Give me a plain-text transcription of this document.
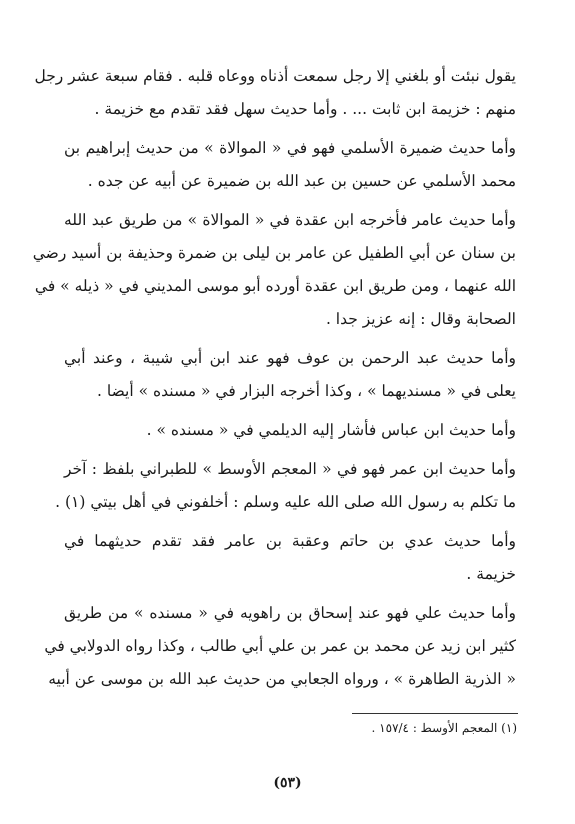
يقول نبئت أو بلغني إلا رجل سمعت أذناه ووعاه قلبه . فقام سبعة عشر رجل
منهم : خزيمة ابن ثابت ... . وأما حديث سهل فقد تقدم مع خزيمة .
وأما حديث ضميرة الأسلمي فهو في « الموالاة » من حديث إبراهيم بن
محمد الأسلمي عن حسين بن عبد الله بن ضميرة عن أبيه عن جده .
وأما حديث عامر فأخرجه ابن عقدة في « الموالاة » من طريق عبد الله
بن سنان عن أبي الطفيل عن عامر بن ليلى بن ضمرة وحذيفة بن أسيد رضي
الله عنهما ، ومن طريق ابن عقدة أورده أبو موسى المديني في « ذيله » في
الصحابة وقال : إنه عزيز جدا .
وأما حديث عبد الرحمن بن عوف فهو عند ابن أبي شيبة ، وعند أبي
يعلى في « مسنديهما » ، وكذا أخرجه البزار في « مسنده » أيضا .
وأما حديث ابن عباس فأشار إليه الديلمي في « مسنده » .
وأما حديث ابن عمر فهو في « المعجم الأوسط » للطبراني بلفظ : آخر
ما تكلم به رسول الله صلى الله عليه وسلم : أخلفوني في أهل بيتي (١) .
وأما حديث عدي بن حاتم وعقبة بن عامر فقد تقدم حديثهما في
خزيمة .
وأما حديث علي فهو عند إسحاق بن راهويه في « مسنده » من طريق
كثير ابن زيد عن محمد بن عمر بن علي أبي طالب ، وكذا رواه الدولابي في
« الذرية الطاهرة » ، ورواه الجعابي من حديث عبد الله بن موسى عن أبيه
(١) المعجم الأوسط : ١٥٧/٤ .
(٥٣)
